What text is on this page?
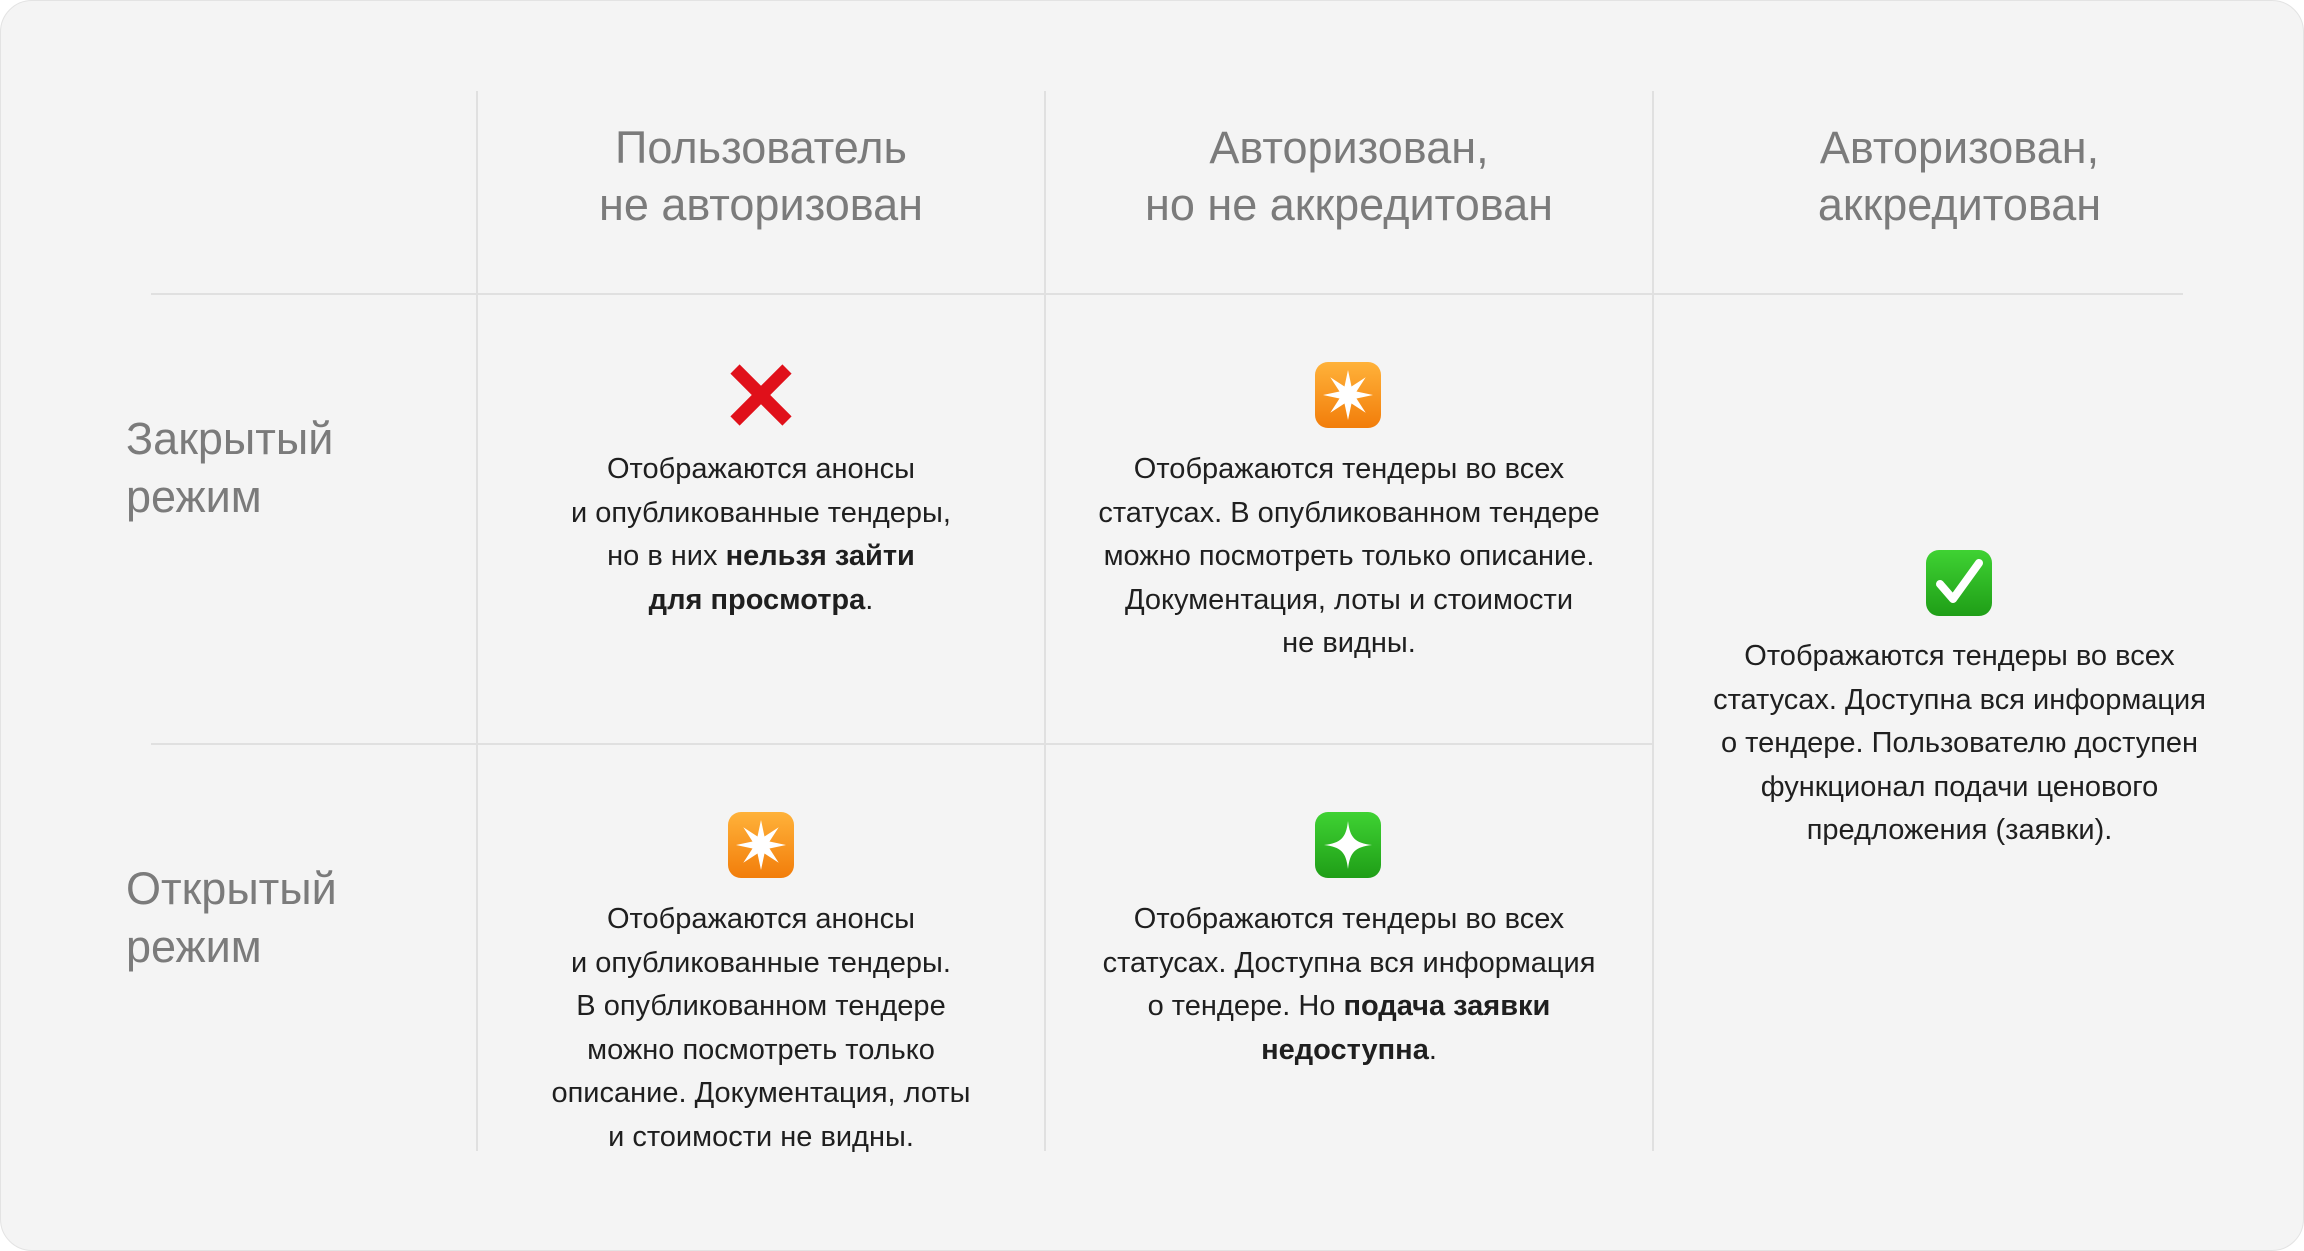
Пользователь
не авторизован
Авторизован,
но не аккредитован
Авторизован,
аккредитован
Закрытый
режим
Открытый
режим
Отображаются анонсы
и опубликованные тендеры,
но в них нельзя зайти
для просмотра.
Отображаются тендеры во всех
статусах. В опубликованном тендере
можно посмотреть только описание.
Документация, лоты и стоимости
не видны.
Отображаются анонсы
и опубликованные тендеры.
В опубликованном тендере
можно посмотреть только
описание. Документация, лоты
и стоимости не видны.
Отображаются тендеры во всех
статусах. Доступна вся информация
о тендере. Но подача заявки
недоступна.
Отображаются тендеры во всех
статусах. Доступна вся информация
о тендере. Пользователю доступен
функционал подачи ценового
предложения (заявки).
